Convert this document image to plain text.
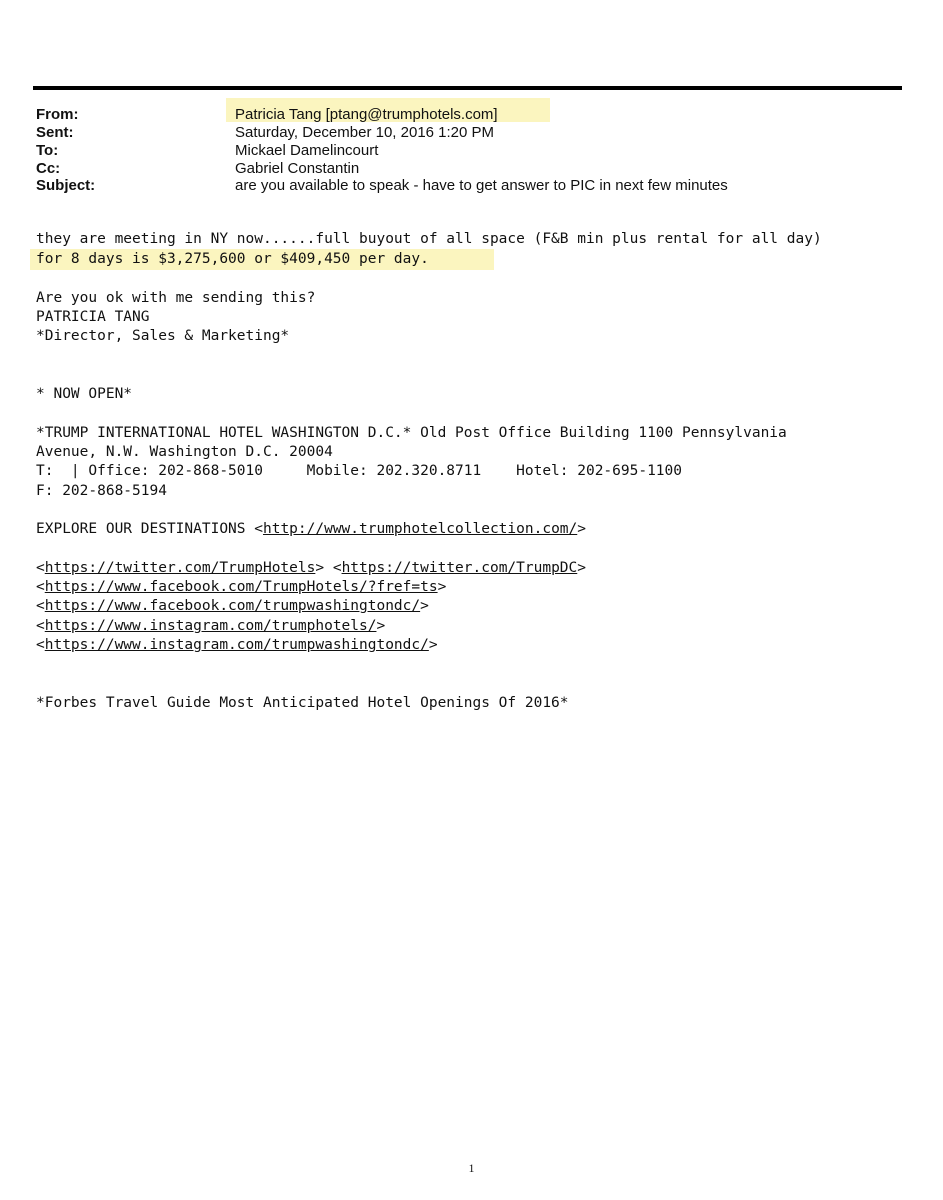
From:	Patricia Tang [ptang@trumphotels.com]
Sent:	Saturday, December 10, 2016 1:20 PM
To:	Mickael Damelincourt
Cc:	Gabriel Constantin
Subject:	are you available to speak - have to get answer to PIC in next few minutes
they are meeting in NY now......full buyout of all space (F&B min plus rental for all day)
for 8 days is $3,275,600 or $409,450 per day.
Are you ok with me sending this?
PATRICIA TANG
*Director, Sales & Marketing*
* NOW OPEN*
*TRUMP INTERNATIONAL HOTEL WASHINGTON D.C.* Old Post Office Building 1100 Pennsylvania
Avenue, N.W. Washington D.C. 20004
T:  | Office: 202-868-5010     Mobile: 202.320.8711    Hotel: 202-695-1100
F: 202-868-5194
EXPLORE OUR DESTINATIONS <http://www.trumphotelcollection.com/>
<https://twitter.com/TrumpHotels> <https://twitter.com/TrumpDC>
<https://www.facebook.com/TrumpHotels/?fref=ts>
<https://www.facebook.com/trumpwashingtondc/>
<https://www.instagram.com/trumphotels/>
<https://www.instagram.com/trumpwashingtondc/>
*Forbes Travel Guide Most Anticipated Hotel Openings Of 2016*
1
